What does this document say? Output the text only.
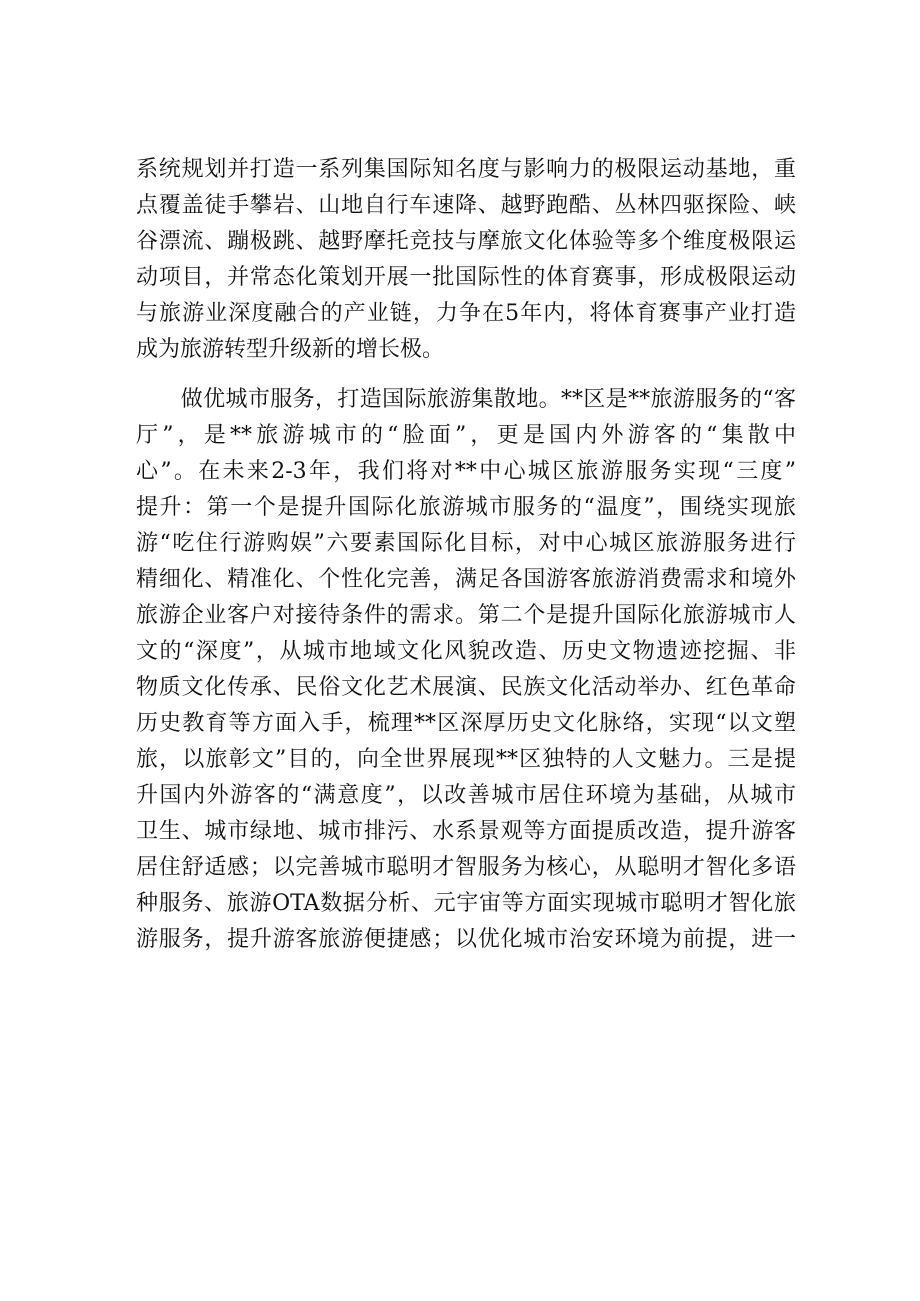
系统规划并打造一系列集国际知名度与影响力的极限运动基地，重
点覆盖徒手攀岩、山地自行车速降、越野跑酷、丛林四驱探险、峡
谷漂流、蹦极跳、越野摩托竞技与摩旅文化体验等多个维度极限运
动项目，并常态化策划开展一批国际性的体育赛事，形成极限运动
与旅游业深度融合的产业链，力争在5年内，将体育赛事产业打造
成为旅游转型升级新的增长极。
　　做优城市服务，打造国际旅游集散地。**区是**旅游服务的“客
厅”，是**旅游城市的“脸面”，更是国内外游客的“集散中
心”。在未来2-3年，我们将对**中心城区旅游服务实现“三度”
提升：第一个是提升国际化旅游城市服务的“温度”，围绕实现旅
游“吃住行游购娱”六要素国际化目标，对中心城区旅游服务进行
精细化、精准化、个性化完善，满足各国游客旅游消费需求和境外
旅游企业客户对接待条件的需求。第二个是提升国际化旅游城市人
文的“深度”，从城市地域文化风貌改造、历史文物遗迹挖掘、非
物质文化传承、民俗文化艺术展演、民族文化活动举办、红色革命
历史教育等方面入手，梳理**区深厚历史文化脉络，实现“以文塑
旅，以旅彰文”目的，向全世界展现**区独特的人文魅力。三是提
升国内外游客的“满意度”，以改善城市居住环境为基础，从城市
卫生、城市绿地、城市排污、水系景观等方面提质改造，提升游客
居住舒适感；以完善城市聪明才智服务为核心，从聪明才智化多语
种服务、旅游OTA数据分析、元宇宙等方面实现城市聪明才智化旅
游服务，提升游客旅游便捷感；以优化城市治安环境为前提，进一
